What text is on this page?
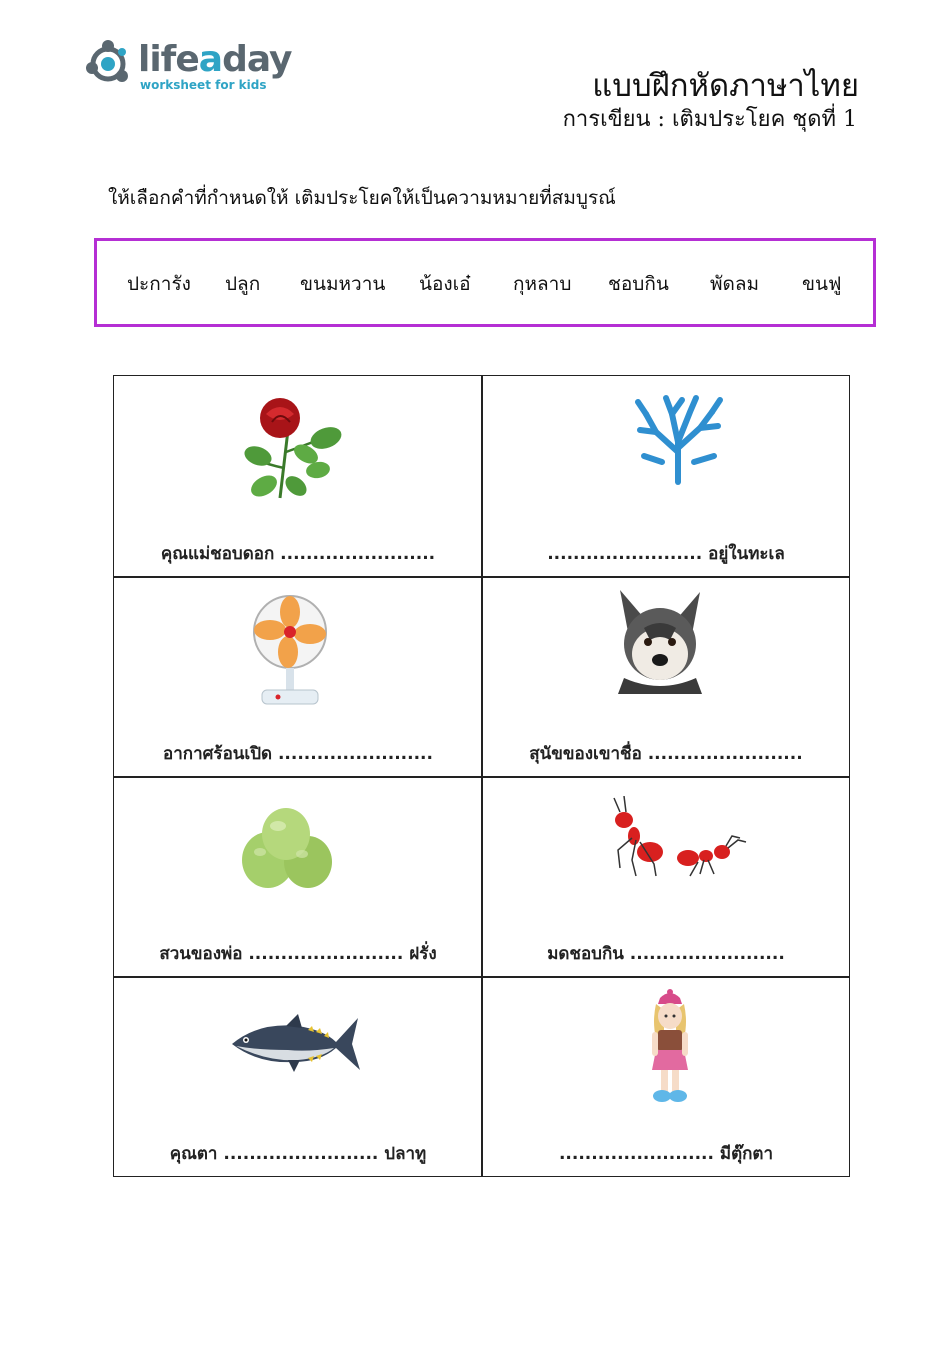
lifeaday
worksheet for kids	แบบฝึกหัดภาษาไทย
การเขียน : เติมประโยค ชุดที่ 1
ให้เลือกคำที่กำหนดให้ เติมประโยคให้เป็นความหมายที่สมบูรณ์
ปะการัง ปลูก ขนมหวาน น้องเอ๋ กุหลาบ ชอบกิน พัดลม ขนฟู
คุณแม่ชอบดอก ........................	........................ อยู่ในทะเล
อากาศร้อนเปิด ........................	สุนัขของเขาชื่อ ........................
สวนของพ่อ ........................ ฝรั่ง	มดชอบกิน ........................
คุณตา ........................ ปลาทู	........................ มีตุ๊กตา
